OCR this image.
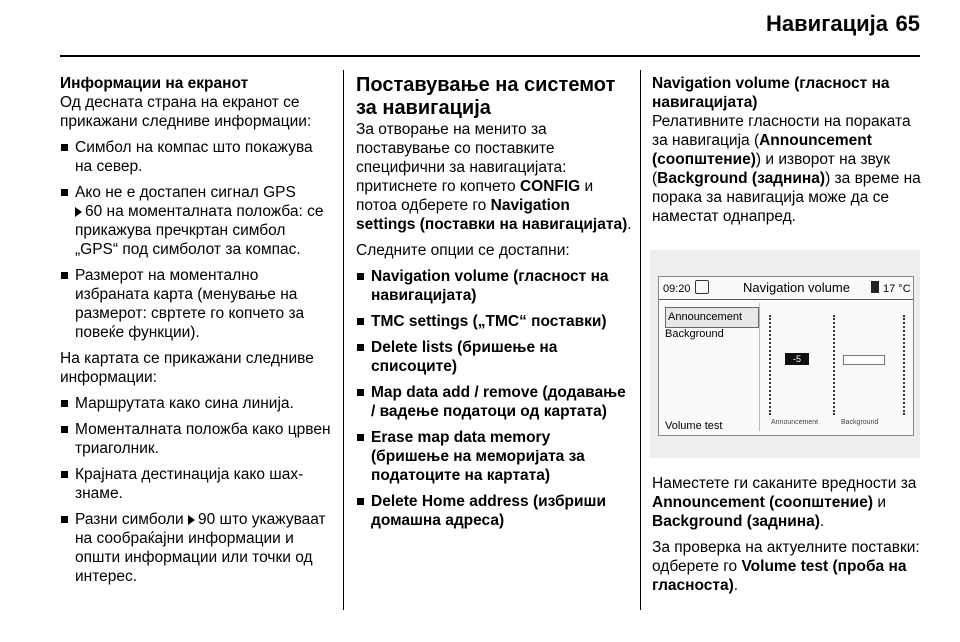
Навигација 65
Информации на екранот

Од десната страна на екранот се прикажани следниве информации:

Симбол на компас што покажува на север.
Ако не е достапен сигнал GPS
60 на моменталната положба: се прикажува пречкртан симбол „GPS“ под симболот за компас.
Размерот на моментално избраната карта (менување на размерот: свртете го копчето за повеќе функции).

На картата се прикажани следниве информации:

Маршрутата како сина линија.
Моменталната положба како црвен триаголник.
Крајната дестинација како шах-знаме.
Разни симболи 90 што укажуваат на сообраќајни информации и општи информации или точки од интерес.
Поставување на системот за навигација

За отворање на менито за поставување со поставките специфични за навигацијата: притиснете го копчето CONFIG и потоа одберете го Navigation settings (поставки на навигацијата).

Следните опции се достапни:

Navigation volume (гласност на навигацијата)
TMC settings („TMC“ поставки)
Delete lists (бришење на списоците)
Map data add / remove (додавање / вадење податоци од картата)
Erase map data memory (бришење на меморијата за податоците на картата)
Delete Home address (избриши домашна адреса)
Navigation volume (гласност на навигацијата)

Релативните гласности на пораката за навигација (Announcement (соопштение)) и изворот на звук (Background (заднина)) за време на порака за навигација може да се наместат однапред.

09:20	Navigation volume	17 °C
Announcement
Background
Volume test
-5
Announcement	Background

Наместете ги саканите вредности за Announcement (соопштение) и Background (заднина).

За проверка на актуелните поставки: одберете го Volume test (проба на гласноста).
